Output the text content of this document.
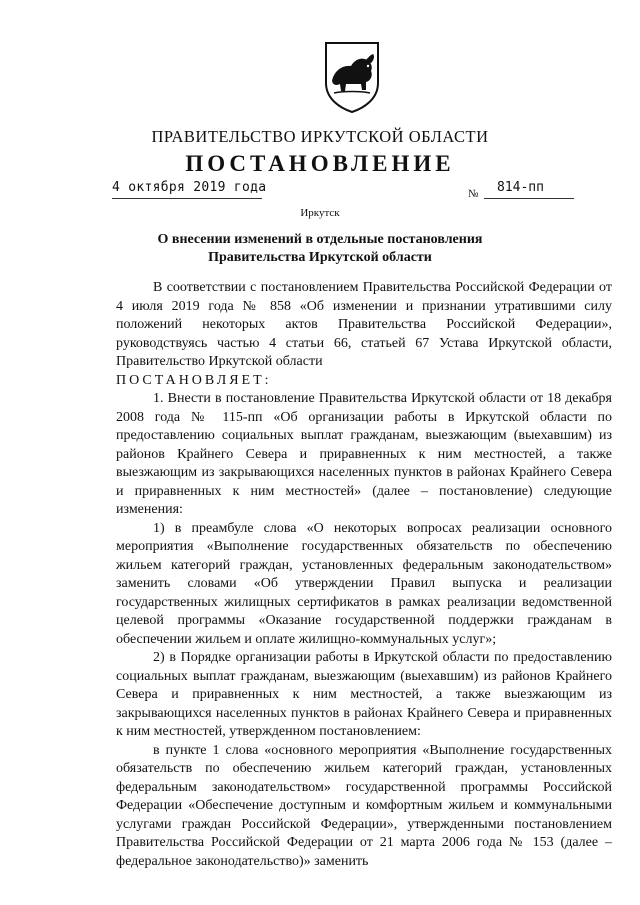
ПРАВИТЕЛЬСТВО ИРКУТСКОЙ ОБЛАСТИ
ПОСТАНОВЛЕНИЕ
4 октября 2019 года	№ 814-пп
Иркутск
О внесении изменений в отдельные постановления Правительства Иркутской области

В соответствии с постановлением Правительства Российской Федерации от 4 июля 2019 года № 858 «Об изменении и признании утратившими силу положений некоторых актов Правительства Российской Федерации», руководствуясь частью 4 статьи 66, статьей 67 Устава Иркутской области, Правительство Иркутской области

ПОСТАНОВЛЯЕТ:

1. Внести в постановление Правительства Иркутской области от 18 декабря 2008 года № 115-пп «Об организации работы в Иркутской области по предоставлению социальных выплат гражданам, выезжающим (выехавшим) из районов Крайнего Севера и приравненных к ним местностей, а также выезжающим из закрывающихся населенных пунктов в районах Крайнего Севера и приравненных к ним местностей» (далее – постановление) следующие изменения:

1) в преамбуле слова «О некоторых вопросах реализации основного мероприятия «Выполнение государственных обязательств по обеспечению жильем категорий граждан, установленных федеральным законодательством» заменить словами «Об утверждении Правил выпуска и реализации государственных жилищных сертификатов в рамках реализации ведомственной целевой программы «Оказание государственной поддержки гражданам в обеспечении жильем и оплате жилищно-коммунальных услуг»;

2) в Порядке организации работы в Иркутской области по предоставлению социальных выплат гражданам, выезжающим (выехавшим) из районов Крайнего Севера и приравненных к ним местностей, а также выезжающим из закрывающихся населенных пунктов в районах Крайнего Севера и приравненных к ним местностей, утвержденном постановлением:

в пункте 1 слова «основного мероприятия «Выполнение государственных обязательств по обеспечению жильем категорий граждан, установленных федеральным законодательством» государственной программы Российской Федерации «Обеспечение доступным и комфортным жильем и коммунальными услугами граждан Российской Федерации», утвержденными постановлением Правительства Российской Федерации от 21 марта 2006 года № 153 (далее – федеральное законодательство)» заменить
